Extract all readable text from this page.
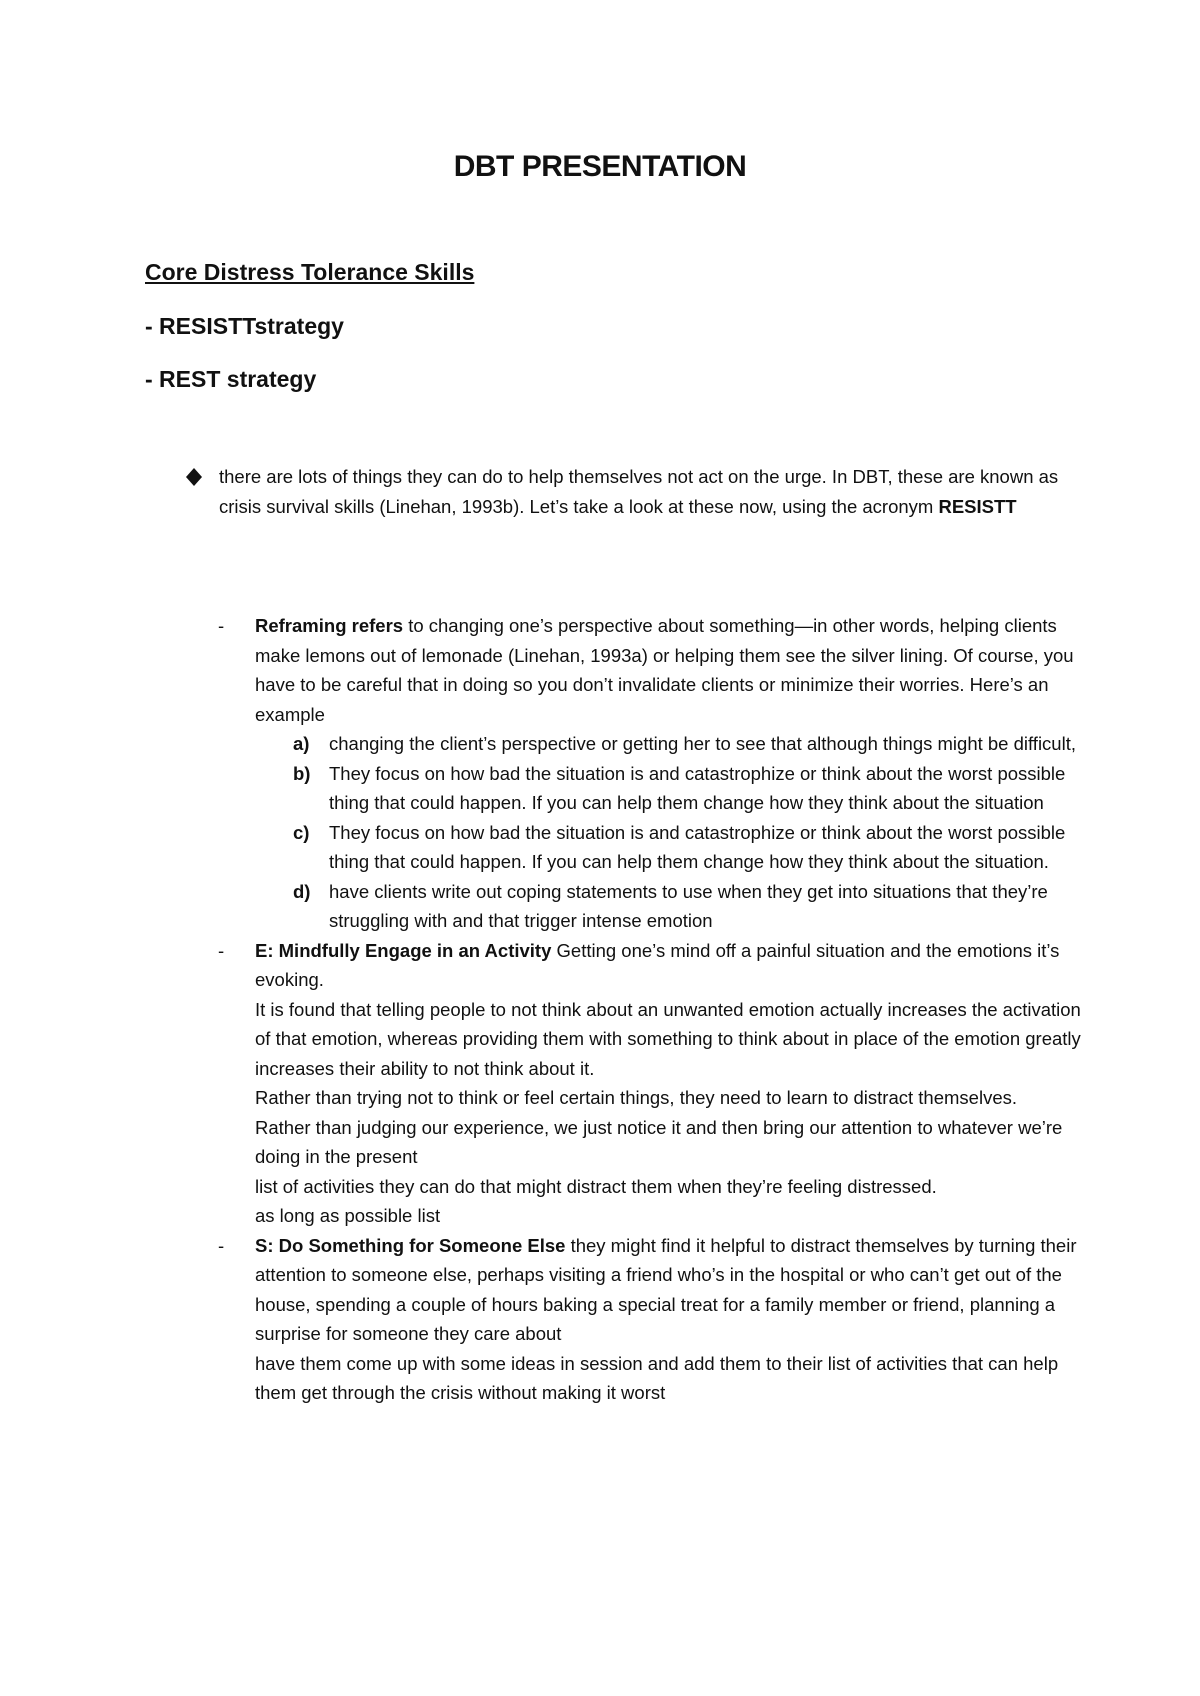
DBT PRESENTATION
Core Distress Tolerance Skills

- RESISTTstrategy

- REST strategy

there are lots of things they can do to help themselves not act on the urge. In DBT, these are known as crisis survival skills (Linehan, 1993b). Let’s take a look at these now, using the acronym RESISTT
- Reframing refers to changing one’s perspective about something—in other words, helping clients make lemons out of lemonade (Linehan, 1993a) or helping them see the silver lining. Of course, you have to be careful that in doing so you don’t invalidate clients or minimize their worries. Here’s an example
a) changing the client’s perspective or getting her to see that although things might be difficult,
b) They focus on how bad the situation is and catastrophize or think about the worst possible thing that could happen. If you can help them change how they think about the situation
c) They focus on how bad the situation is and catastrophize or think about the worst possible thing that could happen. If you can help them change how they think about the situation.
d) have clients write out coping statements to use when they get into situations that they’re struggling with and that trigger intense emotion
- E: Mindfully Engage in an Activity Getting one’s mind off a painful situation and the emotions it’s evoking.
It is found that telling people to not think about an unwanted emotion actually increases the activation of that emotion, whereas providing them with something to think about in place of the emotion greatly increases their ability to not think about it.
Rather than trying not to think or feel certain things, they need to learn to distract themselves.
Rather than judging our experience, we just notice it and then bring our attention to whatever we’re doing in the present
list of activities they can do that might distract them when they’re feeling distressed.
as long as possible list
- S: Do Something for Someone Else they might find it helpful to distract themselves by turning their attention to someone else, perhaps visiting a friend who’s in the hospital or who can’t get out of the house, spending a couple of hours baking a special treat for a family member or friend, planning a surprise for someone they care about
have them come up with some ideas in session and add them to their list of activities that can help them get through the crisis without making it worst
